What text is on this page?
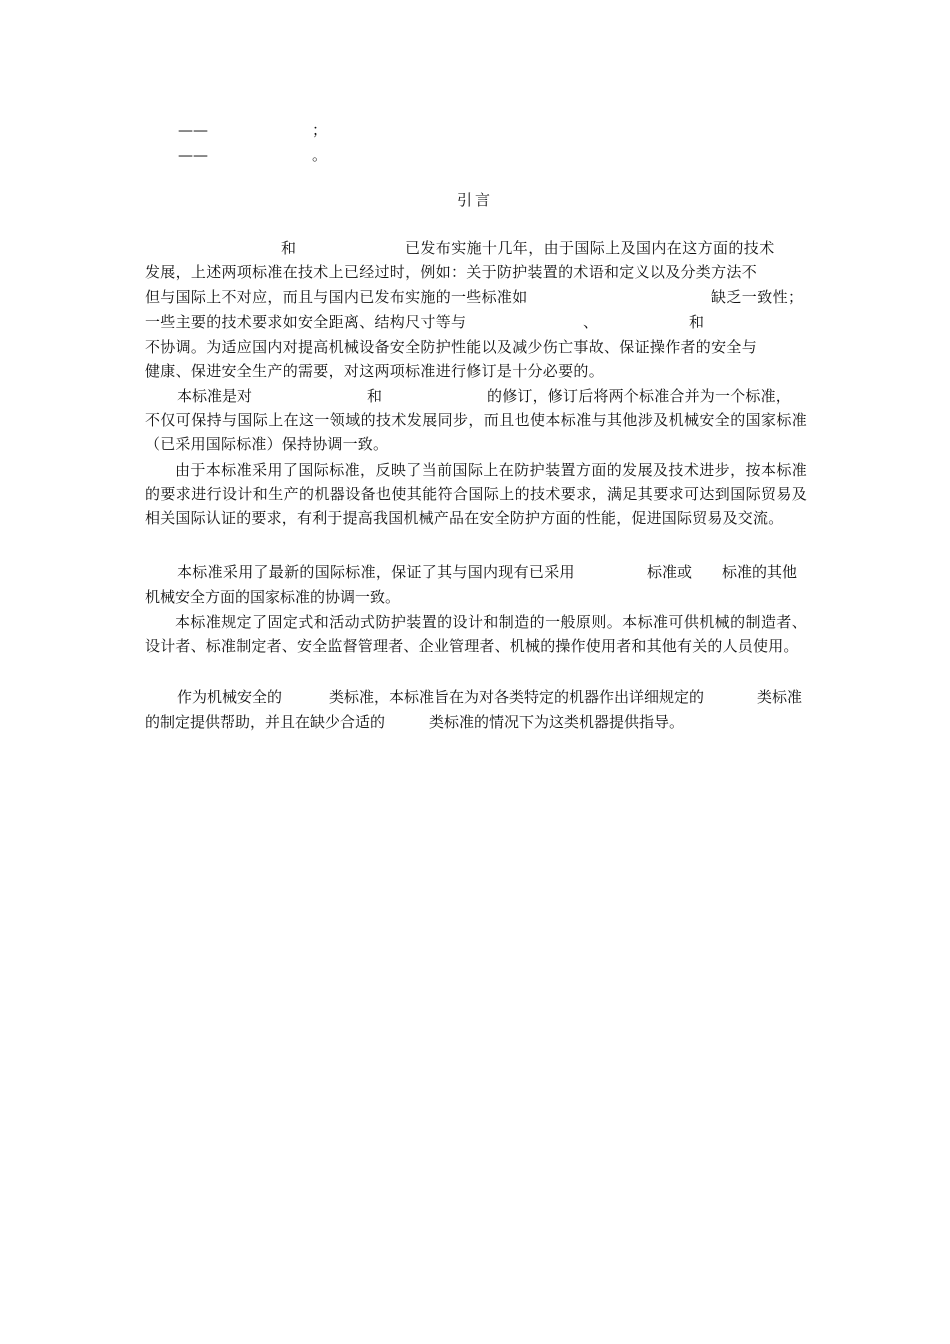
——	；
——	。
引言
和	已发布实施十几年，由于国际上及国内在这方面的技术
发展，上述两项标准在技术上已经过时，例如：关于防护装置的术语和定义以及分类方法不
但与国际上不对应，而且与国内已发布实施的一些标准如	缺乏一致性；
一些主要的技术要求如安全距离、结构尺寸等与	、	和
不协调。为适应国内对提高机械设备安全防护性能以及减少伤亡事故、保证操作者的安全与
健康、保进安全生产的需要，对这两项标准进行修订是十分必要的。
本标准是对	和	的修订，修订后将两个标准合并为一个标准，

不仅可保持与国际上在这一领域的技术发展同步，而且也使本标准与其他涉及机械安全的国家标准（已采用国际标准）保持协调一致。

由于本标准采用了国际标准，反映了当前国际上在防护装置方面的发展及技术进步，按本标准的要求进行设计和生产的机器设备也使其能符合国际上的技术要求，满足其要求可达到国际贸易及相关国际认证的要求，有利于提高我国机械产品在安全防护方面的性能，促进国际贸易及交流。

本标准采用了最新的国际标准，保证了其与国内现有已采用	标准或 标准的其他
机械安全方面的国家标准的协调一致。

本标准规定了固定式和活动式防护装置的设计和制造的一般原则。本标准可供机械的制造者、设计者、标准制定者、安全监督管理者、企业管理者、机械的操作使用者和其他有关的人员使用。

作为机械安全的	类标准，本标准旨在为对各类特定的机器作出详细规定的	类标准
的制定提供帮助，并且在缺少合适的	类标准的情况下为这类机器提供指导。
